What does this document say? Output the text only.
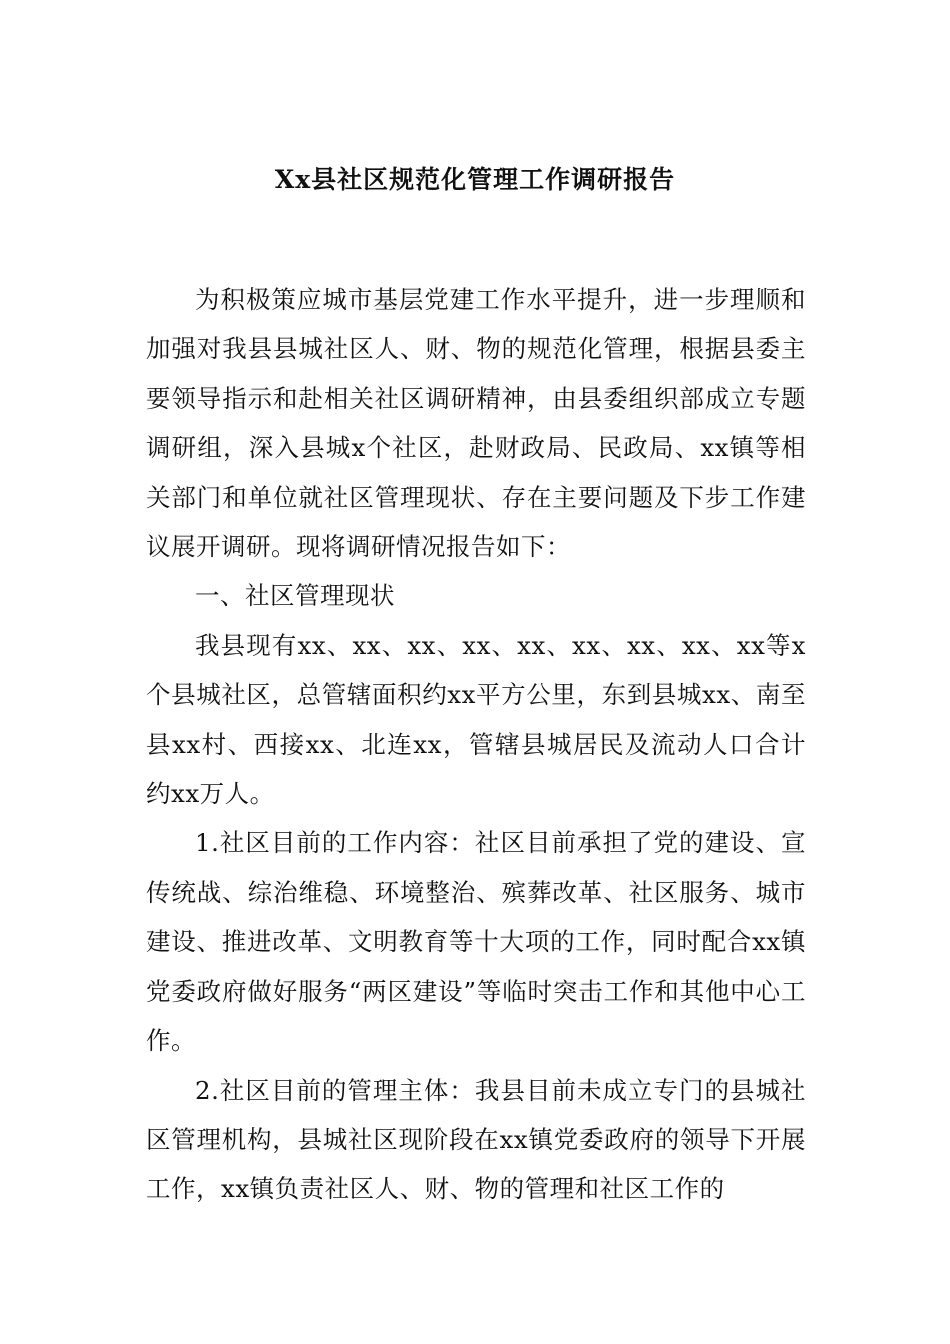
Xx县社区规范化管理工作调研报告

为积极策应城市基层党建工作水平提升，进一步理顺和加强对我县县城社区人、财、物的规范化管理，根据县委主要领导指示和赴相关社区调研精神，由县委组织部成立专题调研组，深入县城x个社区，赴财政局、民政局、xx镇等相关部门和单位就社区管理现状、存在主要问题及下步工作建议展开调研。现将调研情况报告如下：

一、社区管理现状

我县现有xx、xx、xx、xx、xx、xx、xx、xx、xx等x个县城社区，总管辖面积约xx平方公里，东到县城xx、南至县xx村、西接xx、北连xx，管辖县城居民及流动人口合计约xx万人。

1.社区目前的工作内容：社区目前承担了党的建设、宣传统战、综治维稳、环境整治、殡葬改革、社区服务、城市建设、推进改革、文明教育等十大项的工作，同时配合xx镇党委政府做好服务“两区建设”等临时突击工作和其他中心工作。

2.社区目前的管理主体：我县目前未成立专门的县城社区管理机构，县城社区现阶段在xx镇党委政府的领导下开展工作，xx镇负责社区人、财、物的管理和社区工作的
